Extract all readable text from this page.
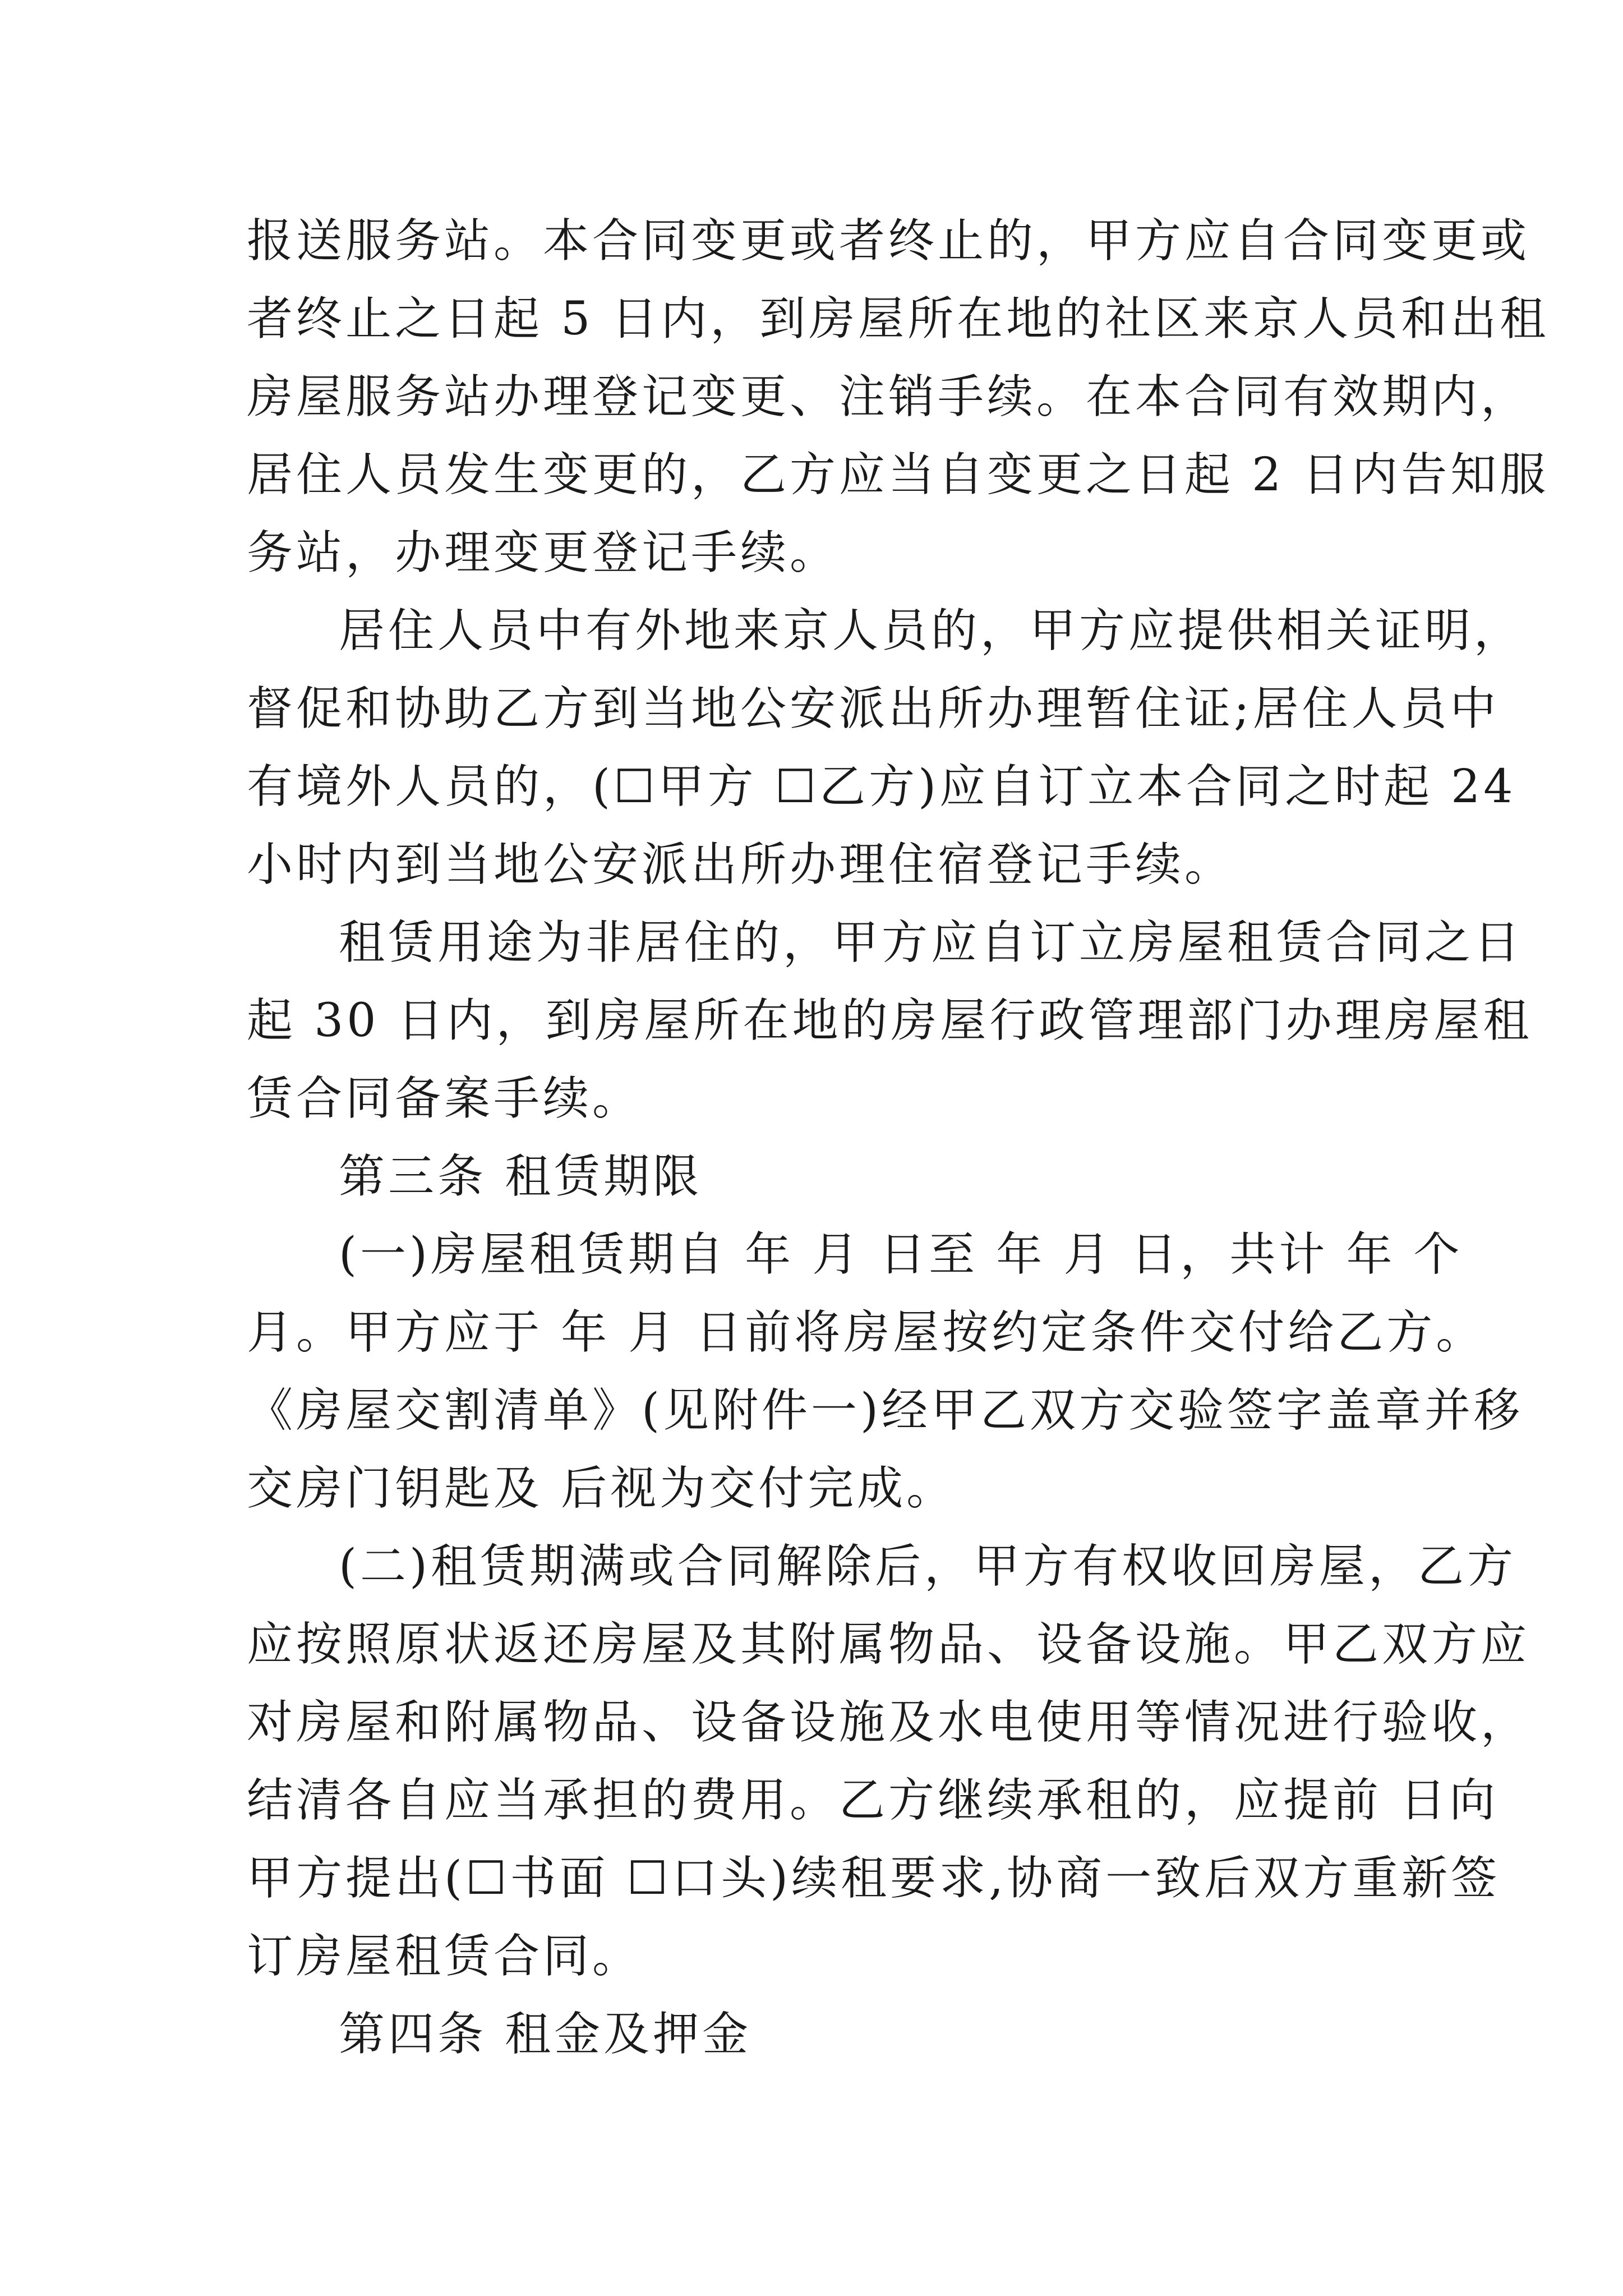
报送服务站。本合同变更或者终止的，甲方应自合同变更或
者终止之日起 5 日内，到房屋所在地的社区来京人员和出租
房屋服务站办理登记变更、注销手续。在本合同有效期内，
居住人员发生变更的，乙方应当自变更之日起 2 日内告知服
务站，办理变更登记手续。
居住人员中有外地来京人员的，甲方应提供相关证明，
督促和协助乙方到当地公安派出所办理暂住证;居住人员中
有境外人员的，(☐甲方 ☐乙方)应自订立本合同之时起 24
小时内到当地公安派出所办理住宿登记手续。
租赁用途为非居住的，甲方应自订立房屋租赁合同之日
起 30 日内，到房屋所在地的房屋行政管理部门办理房屋租
赁合同备案手续。
第三条 租赁期限
(一)房屋租赁期自 年 月 日至 年 月 日，共计 年 个
月。甲方应于 年 月 日前将房屋按约定条件交付给乙方。
《房屋交割清单》(见附件一)经甲乙双方交验签字盖章并移
交房门钥匙及 后视为交付完成。
(二)租赁期满或合同解除后，甲方有权收回房屋，乙方
应按照原状返还房屋及其附属物品、设备设施。甲乙双方应
对房屋和附属物品、设备设施及水电使用等情况进行验收，
结清各自应当承担的费用。乙方继续承租的，应提前 日向
甲方提出(☐书面 ☐口头)续租要求,协商一致后双方重新签
订房屋租赁合同。
第四条 租金及押金
